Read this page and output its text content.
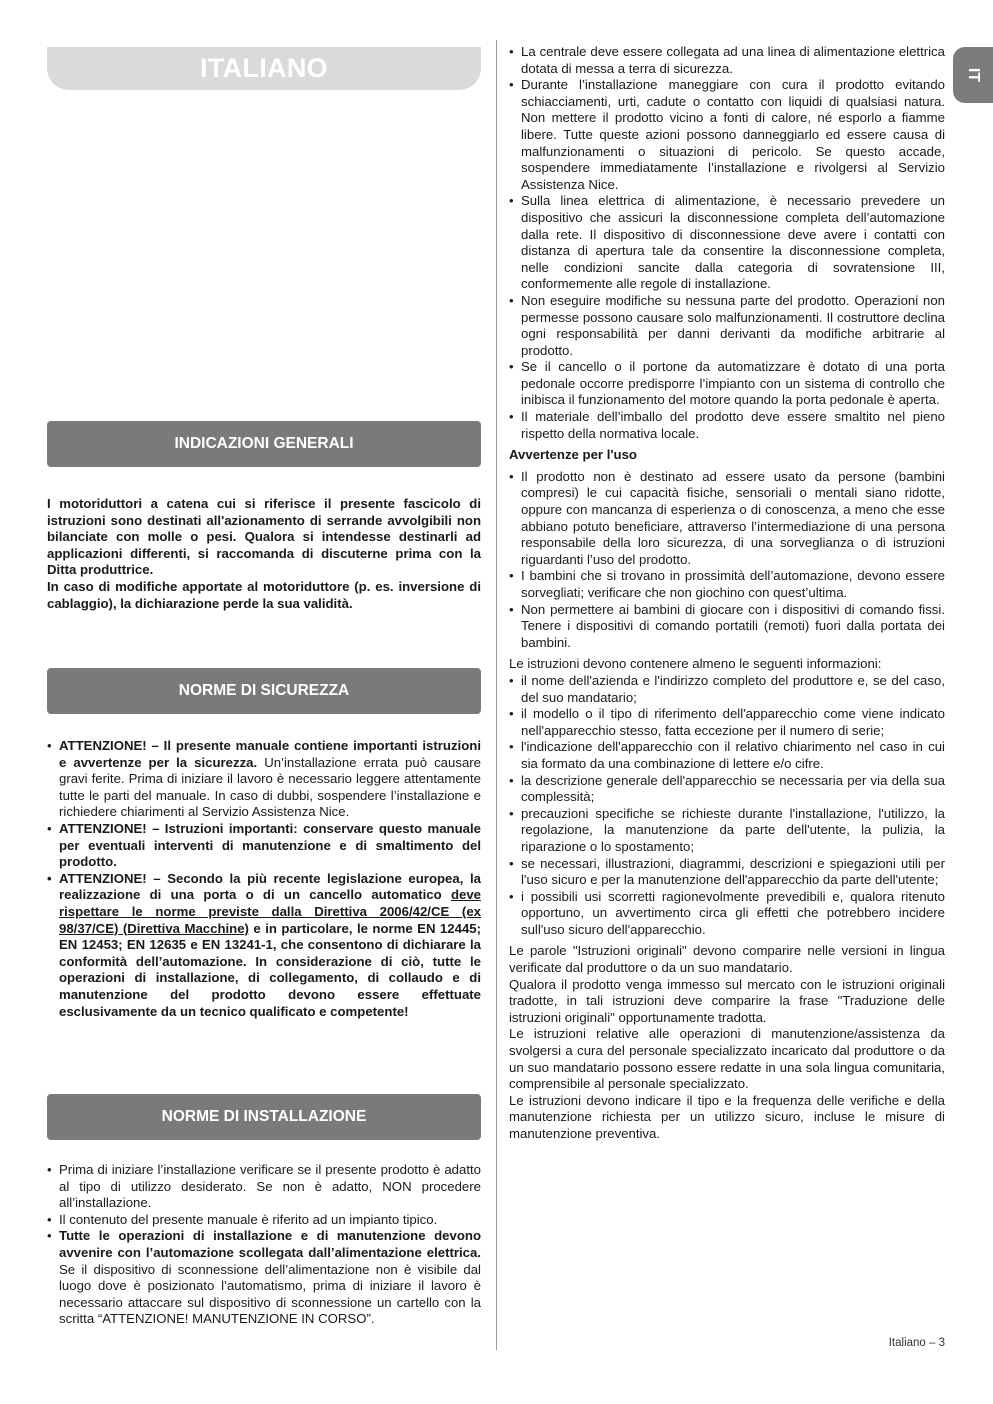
ITALIANO	IT
INDICAZIONI GENERALI

I motoriduttori a catena cui si riferisce il presente fascicolo di istruzioni sono destinati all'azionamento di serrande avvolgibili non bilanciate con molle o pesi. Qualora si intendesse destinarli ad applicazioni differenti, si raccomanda di discuterne prima con la Ditta produttrice.

In caso di modifiche apportate al motoriduttore (p. es. inversione di cablaggio), la dichiarazione perde la sua validità.

NORME DI SICUREZZA
• ATTENZIONE! – Il presente manuale contiene importanti istruzioni e avvertenze per la sicurezza. Un’installazione errata può causare gravi ferite. Prima di iniziare il lavoro è necessario leggere attentamente tutte le parti del manuale. In caso di dubbi, sospendere l’installazione e richiedere chiarimenti al Servizio Assistenza Nice.
• ATTENZIONE! – Istruzioni importanti: conservare questo manuale per eventuali interventi di manutenzione e di smaltimento del prodotto.
• ATTENZIONE! – Secondo la più recente legislazione europea, la realizzazione di una porta o di un cancello automatico deve rispettare le norme previste dalla Direttiva 2006/42/CE (ex 98/37/CE) (Direttiva Macchine) e in particolare, le norme EN 12445; EN 12453; EN 12635 e EN 13241-1, che consentono di dichiarare la conformità dell’automazione. In considerazione di ciò, tutte le operazioni di installazione, di collegamento, di collaudo e di manutenzione del prodotto devono essere effettuate esclusivamente da un tecnico qualificato e competente!
NORME DI INSTALLAZIONE
• Prima di iniziare l’installazione verificare se il presente prodotto è adatto al tipo di utilizzo desiderato. Se non è adatto, NON procedere all’installazione.
• Il contenuto del presente manuale è riferito ad un impianto tipico.
• Tutte le operazioni di installazione e di manutenzione devono avvenire con l’automazione scollegata dall’alimentazione elettrica. Se il dispositivo di sconnessione dell’alimentazione non è visibile dal luogo dove è posizionato l’automatismo, prima di iniziare il lavoro è necessario attaccare sul dispositivo di sconnessione un cartello con la scritta “ATTENZIONE! MANUTENZIONE IN CORSO”.
• La centrale deve essere collegata ad una linea di alimentazione elettrica dotata di messa a terra di sicurezza.
• Durante l’installazione maneggiare con cura il prodotto evitando schiacciamenti, urti, cadute o contatto con liquidi di qualsiasi natura. Non mettere il prodotto vicino a fonti di calore, né esporlo a fiamme libere. Tutte queste azioni possono danneggiarlo ed essere causa di malfunzionamenti o situazioni di pericolo. Se questo accade, sospendere immediatamente l’installazione e rivolgersi al Servizio Assistenza Nice.
• Sulla linea elettrica di alimentazione, è necessario prevedere un dispositivo che assicuri la disconnessione completa dell’automazione dalla rete. Il dispositivo di disconnessione deve avere i contatti con distanza di apertura tale da consentire la disconnessione completa, nelle condizioni sancite dalla categoria di sovratensione III, conformemente alle regole di installazione.
• Non eseguire modifiche su nessuna parte del prodotto. Operazioni non permesse possono causare solo malfunzionamenti. Il costruttore declina ogni responsabilità per danni derivanti da modifiche arbitrarie al prodotto.
• Se il cancello o il portone da automatizzare è dotato di una porta pedonale occorre predisporre l’impianto con un sistema di controllo che inibisca il funzionamento del motore quando la porta pedonale è aperta.
• Il materiale dell’imballo del prodotto deve essere smaltito nel pieno rispetto della normativa locale.

Avvertenze per l'uso

• Il prodotto non è destinato ad essere usato da persone (bambini compresi) le cui capacità fisiche, sensoriali o mentali siano ridotte, oppure con mancanza di esperienza o di conoscenza, a meno che esse abbiano potuto beneficiare, attraverso l’intermediazione di una persona responsabile della loro sicurezza, di una sorveglianza o di istruzioni riguardanti l’uso del prodotto.
• I bambini che si trovano in prossimità dell’automazione, devono essere sorvegliati; verificare che non giochino con quest’ultima.
• Non permettere ai bambini di giocare con i dispositivi di comando fissi. Tenere i dispositivi di comando portatili (remoti) fuori dalla portata dei bambini.

Le istruzioni devono contenere almeno le seguenti informazioni:

• il nome dell'azienda e l'indirizzo completo del produttore e, se del caso, del suo mandatario;
• il modello o il tipo di riferimento dell'apparecchio come viene indicato nell'apparecchio stesso, fatta eccezione per il numero di serie;
• l'indicazione dell'apparecchio con il relativo chiarimento nel caso in cui sia formato da una combinazione di lettere e/o cifre.
• la descrizione generale dell'apparecchio se necessaria per via della sua complessità;
• precauzioni specifiche se richieste durante l'installazione, l'utilizzo, la regolazione, la manutenzione da parte dell'utente, la pulizia, la riparazione o lo spostamento;
• se necessari, illustrazioni, diagrammi, descrizioni e spiegazioni utili per l'uso sicuro e per la manutenzione dell'apparecchio da parte dell'utente;
• i possibili usi scorretti ragionevolmente prevedibili e, qualora ritenuto opportuno, un avvertimento circa gli effetti che potrebbero incidere sull'uso sicuro dell'apparecchio.

Le parole "Istruzioni originali" devono comparire nelle versioni in lingua verificate dal produttore o da un suo mandatario.

Qualora il prodotto venga immesso sul mercato con le istruzioni originali tradotte, in tali istruzioni deve comparire la frase "Traduzione delle istruzioni originali" opportunamente tradotta.

Le istruzioni relative alle operazioni di manutenzione/assistenza da svolgersi a cura del personale specializzato incaricato dal produttore o da un suo mandatario possono essere redatte in una sola lingua comunitaria, comprensibile al personale specializzato.

Le istruzioni devono indicare il tipo e la frequenza delle verifiche e della manutenzione richiesta per un utilizzo sicuro, incluse le misure di manutenzione preventiva.

Italiano – 3
